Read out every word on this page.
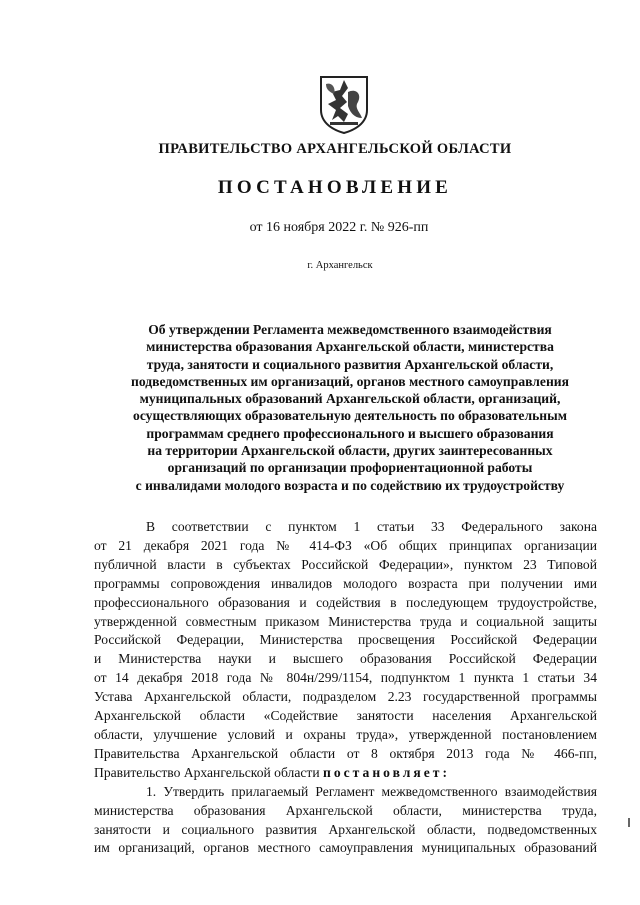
ПРАВИТЕЛЬСТВО АРХАНГЕЛЬСКОЙ ОБЛАСТИ
ПОСТАНОВЛЕНИЕ
от 16 ноября 2022 г. № 926-пп
г. Архангельск
Об утверждении Регламента межведомственного взаимодействия
министерства образования Архангельской области, министерства
труда, занятости и социального развития Архангельской области,
подведомственных им организаций, органов местного самоуправления
муниципальных образований Архангельской области, организаций,
осуществляющих образовательную деятельность по образовательным
программам среднего профессионального и высшего образования
на территории Архангельской области, других заинтересованных
организаций по организации профориентационной работы
с инвалидами молодого возраста и по содействию их трудоустройству
В соответствии с пунктом 1 статьи 33 Федерального закона
от 21 декабря 2021 года № 414-ФЗ «Об общих принципах организации
публичной власти в субъектах Российской Федерации», пунктом 23 Типовой
программы сопровождения инвалидов молодого возраста при получении ими
профессионального образования и содействия в последующем трудоустройстве,
утвержденной совместным приказом Министерства труда и социальной защиты
Российской Федерации, Министерства просвещения Российской Федерации
и Министерства науки и высшего образования Российской Федерации
от 14 декабря 2018 года № 804н/299/1154, подпунктом 1 пункта 1 статьи 34
Устава Архангельской области, подразделом 2.23 государственной программы
Архангельской области «Содействие занятости населения Архангельской
области, улучшение условий и охраны труда», утвержденной постановлением
Правительства Архангельской области от 8 октября 2013 года № 466-пп,
Правительство Архангельской области постановляет:
1. Утвердить прилагаемый Регламент межведомственного взаимодействия
министерства образования Архангельской области, министерства труда,
занятости и социального развития Архангельской области, подведомственных
им организаций, органов местного самоуправления муниципальных образований
